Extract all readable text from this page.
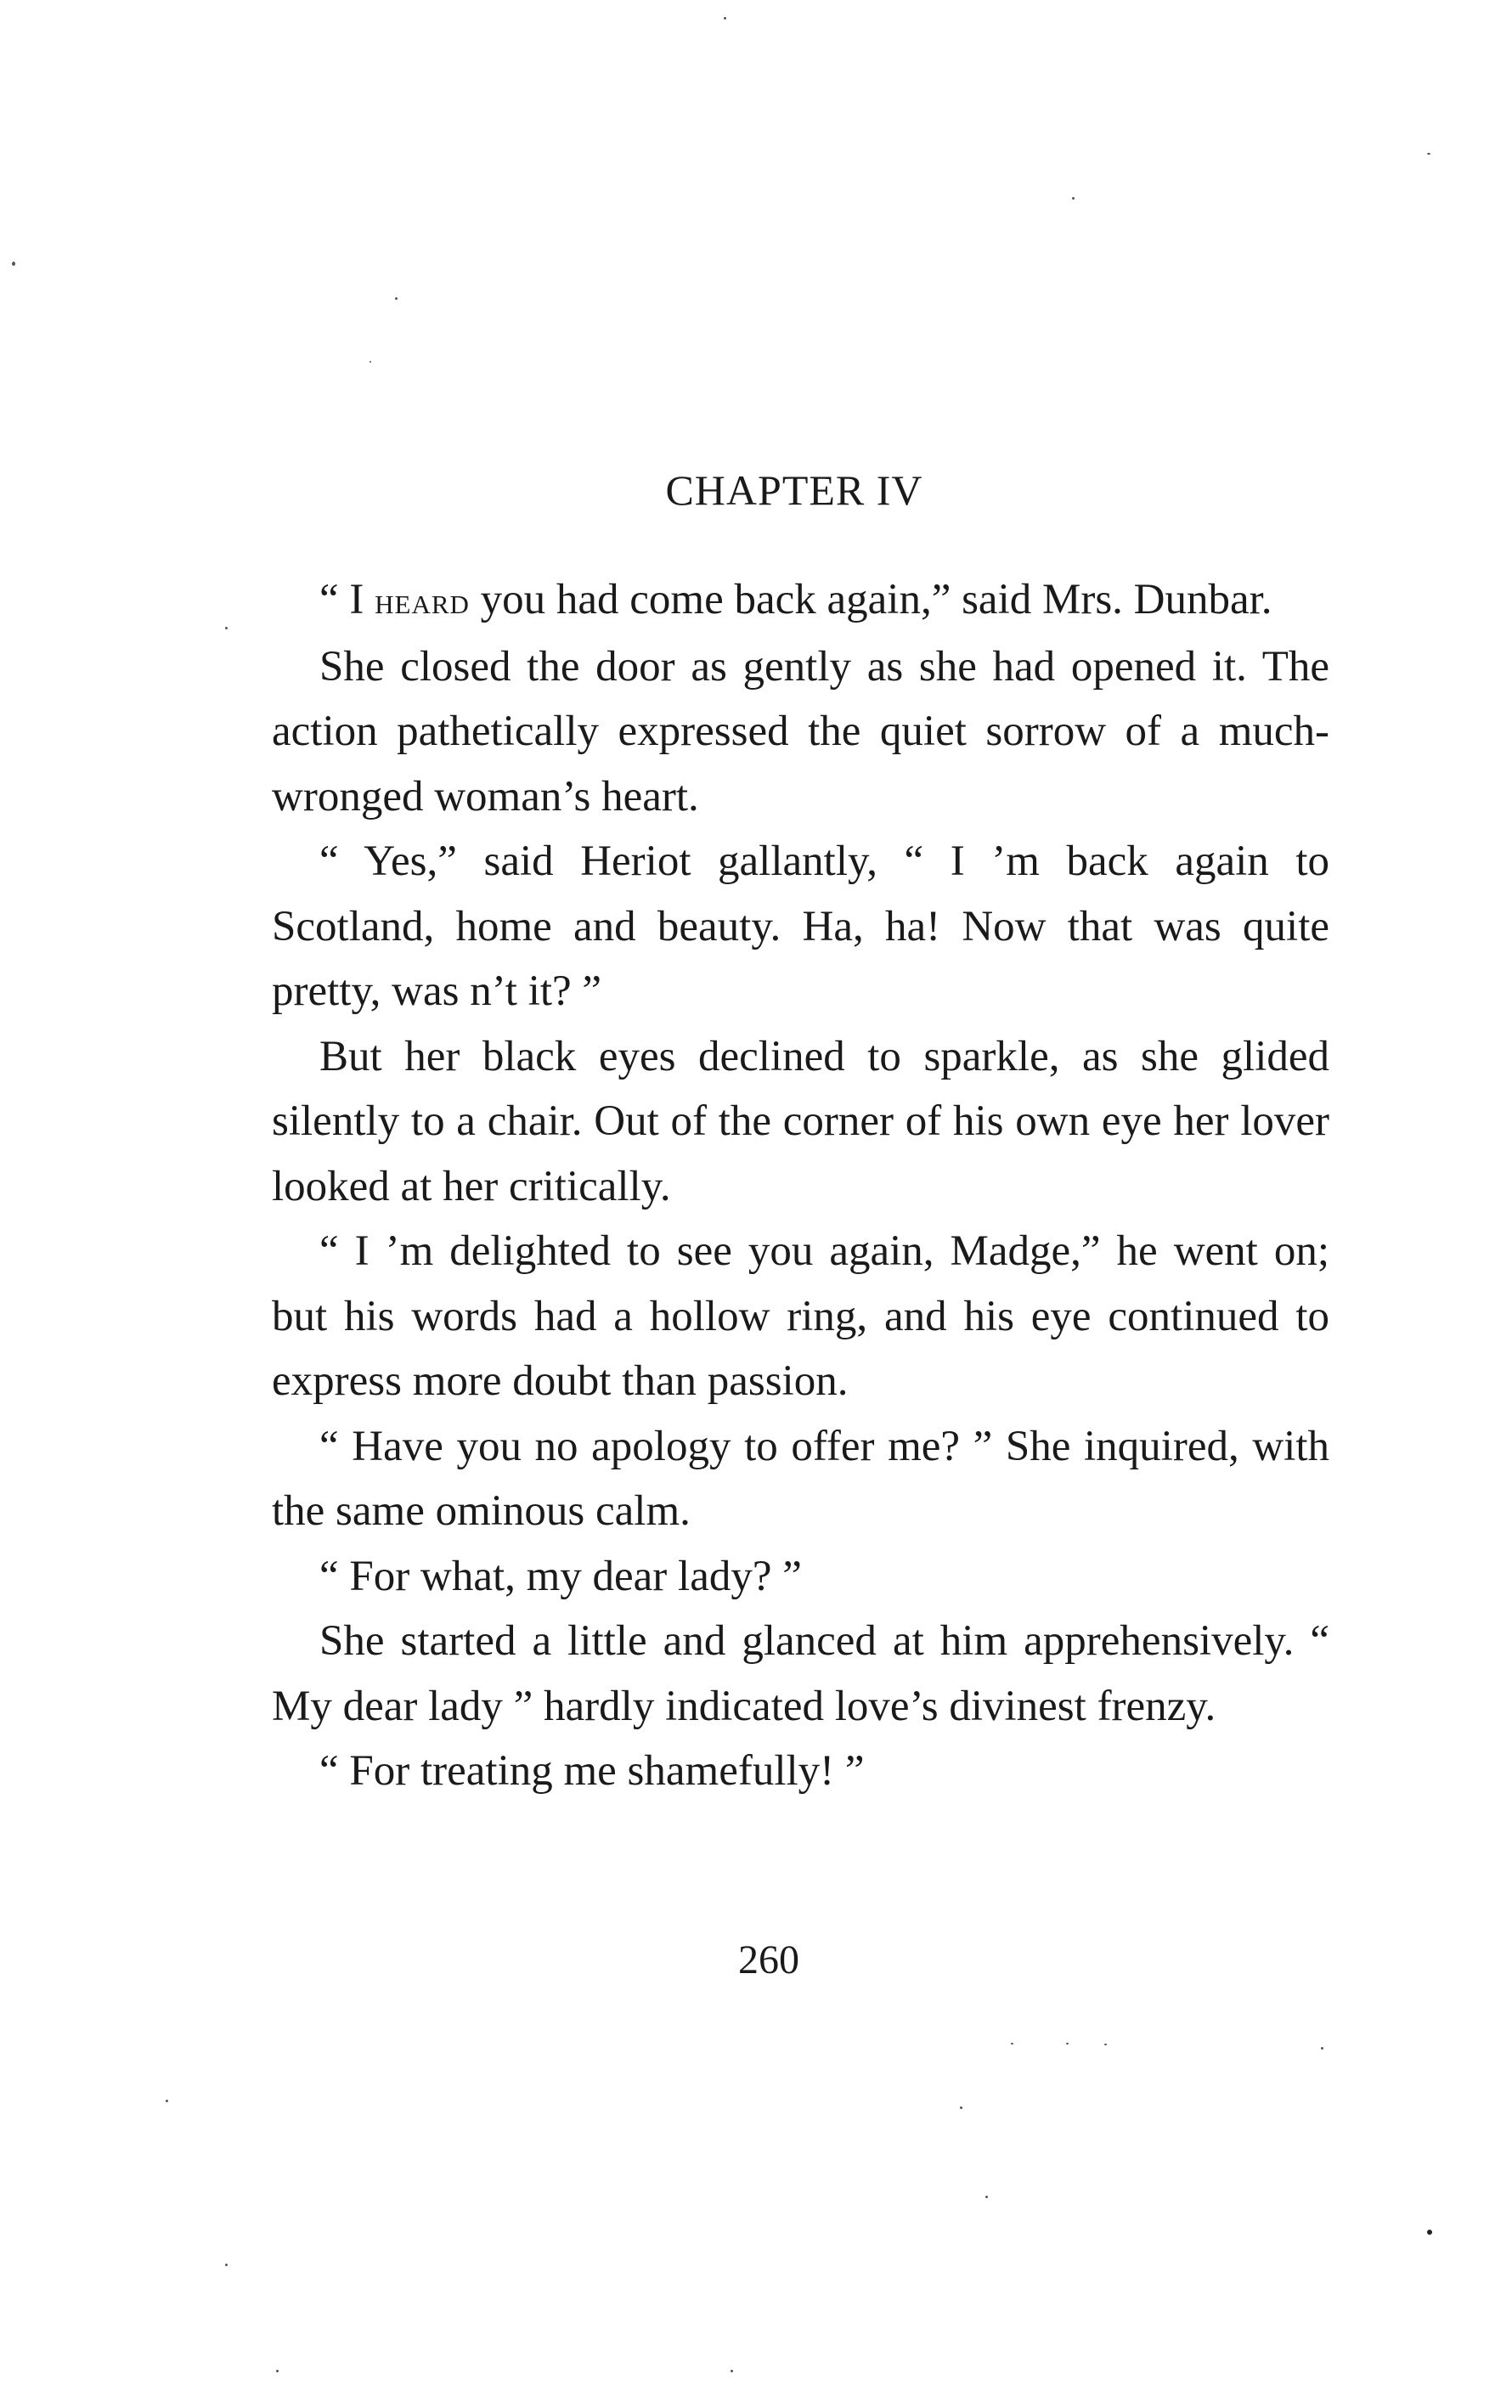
CHAPTER IV

“ I heard you had come back again,” said Mrs. Dunbar.

She closed the door as gently as she had opened it. The action pathetically expressed the quiet sorrow of a much-wronged woman’s heart.

“ Yes,” said Heriot gallantly, “ I ’m back again to Scotland, home and beauty. Ha, ha! Now that was quite pretty, was n’t it? ”

But her black eyes declined to sparkle, as she glided silently to a chair. Out of the corner of his own eye her lover looked at her critically.

“ I ’m delighted to see you again, Madge,” he went on; but his words had a hollow ring, and his eye continued to express more doubt than passion.

“ Have you no apology to offer me? ” She inquired, with the same ominous calm.

“ For what, my dear lady? ”

She started a little and glanced at him apprehensively. “ My dear lady ” hardly indicated love’s divinest frenzy.

“ For treating me shamefully! ”

260
